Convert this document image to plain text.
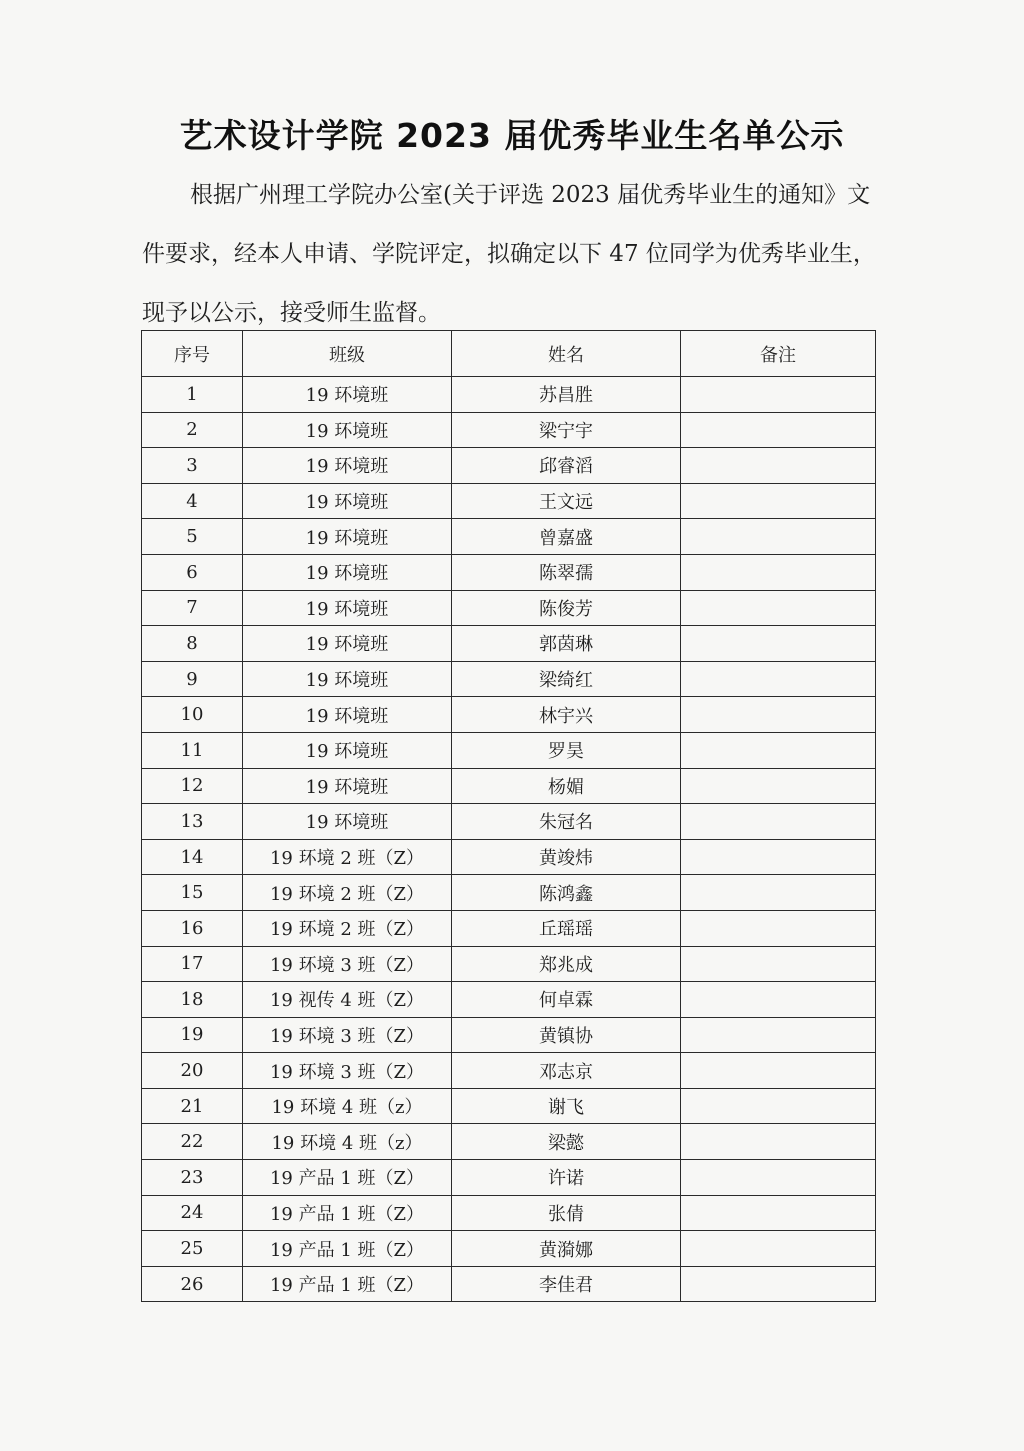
艺术设计学院 2023 届优秀毕业生名单公示
根据广州理工学院办公室(关于评选 2023 届优秀毕业生的通知》文件要求，经本人申请、学院评定，拟确定以下 47 位同学为优秀毕业生，现予以公示，接受师生监督。
序号	班级	姓名	备注
1	19 环境班	苏昌胜	
2	19 环境班	梁宁宇	
3	19 环境班	邱睿滔	
4	19 环境班	王文远	
5	19 环境班	曾嘉盛	
6	19 环境班	陈翠孺	
7	19 环境班	陈俊芳	
8	19 环境班	郭茵琳	
9	19 环境班	梁绮红	
10	19 环境班	林宇兴	
11	19 环境班	罗昊	
12	19 环境班	杨媚	
13	19 环境班	朱冠名	
14	19 环境 2 班（Z）	黄竣炜	
15	19 环境 2 班（Z）	陈鸿鑫	
16	19 环境 2 班（Z）	丘瑶瑶	
17	19 环境 3 班（Z）	郑兆成	
18	19 视传 4 班（Z）	何卓霖	
19	19 环境 3 班（Z）	黄镇协	
20	19 环境 3 班（Z）	邓志京	
21	19 环境 4 班（z）	谢飞	
22	19 环境 4 班（z）	梁懿	
23	19 产品 1 班（Z）	许诺	
24	19 产品 1 班（Z）	张倩	
25	19 产品 1 班（Z）	黄漪娜	
26	19 产品 1 班（Z）	李佳君	
